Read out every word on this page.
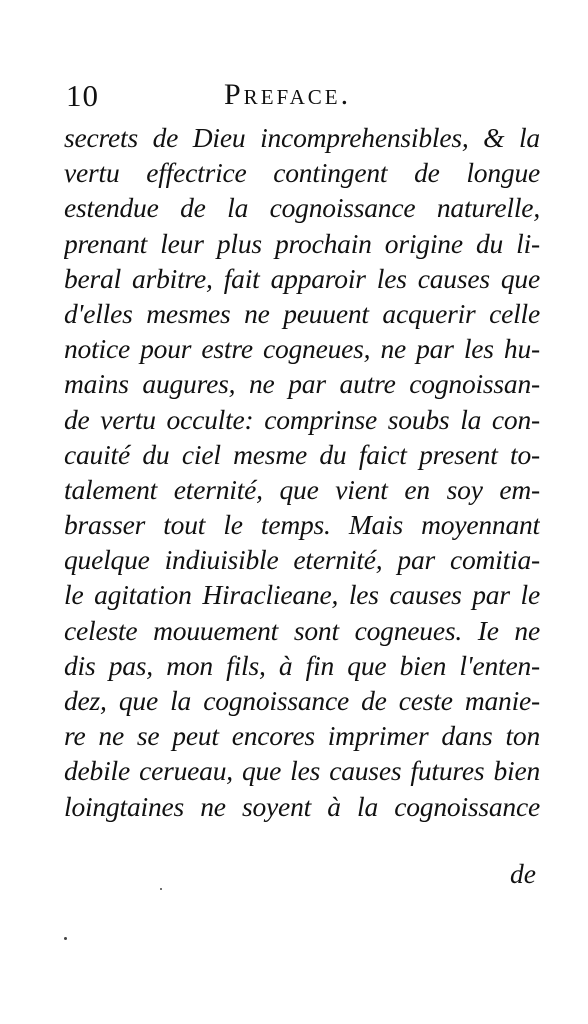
10	Preface.
secrets de Dieu incomprehensibles, & la
vertu effectrice contingent de longue
estendue de la cognoissance naturelle,
prenant leur plus prochain origine du li-
beral arbitre, fait apparoir les causes que
d'elles mesmes ne peuuent acquerir celle
notice pour estre cogneues, ne par les hu-
mains augures, ne par autre cognoissan-
de vertu occulte: comprinse soubs la con-
cauité du ciel mesme du faict present to-
talement eternité, que vient en soy em-
brasser tout le temps. Mais moyennant
quelque indiuisible eternité, par comitia-
le agitation Hiraclieane, les causes par le
celeste mouuement sont cogneues. Ie ne
dis pas, mon fils, à fin que bien l'enten-
dez, que la cognoissance de ceste manie-
re ne se peut encores imprimer dans ton
debile cerueau, que les causes futures bien
loingtaines ne soyent à la cognoissance
de
